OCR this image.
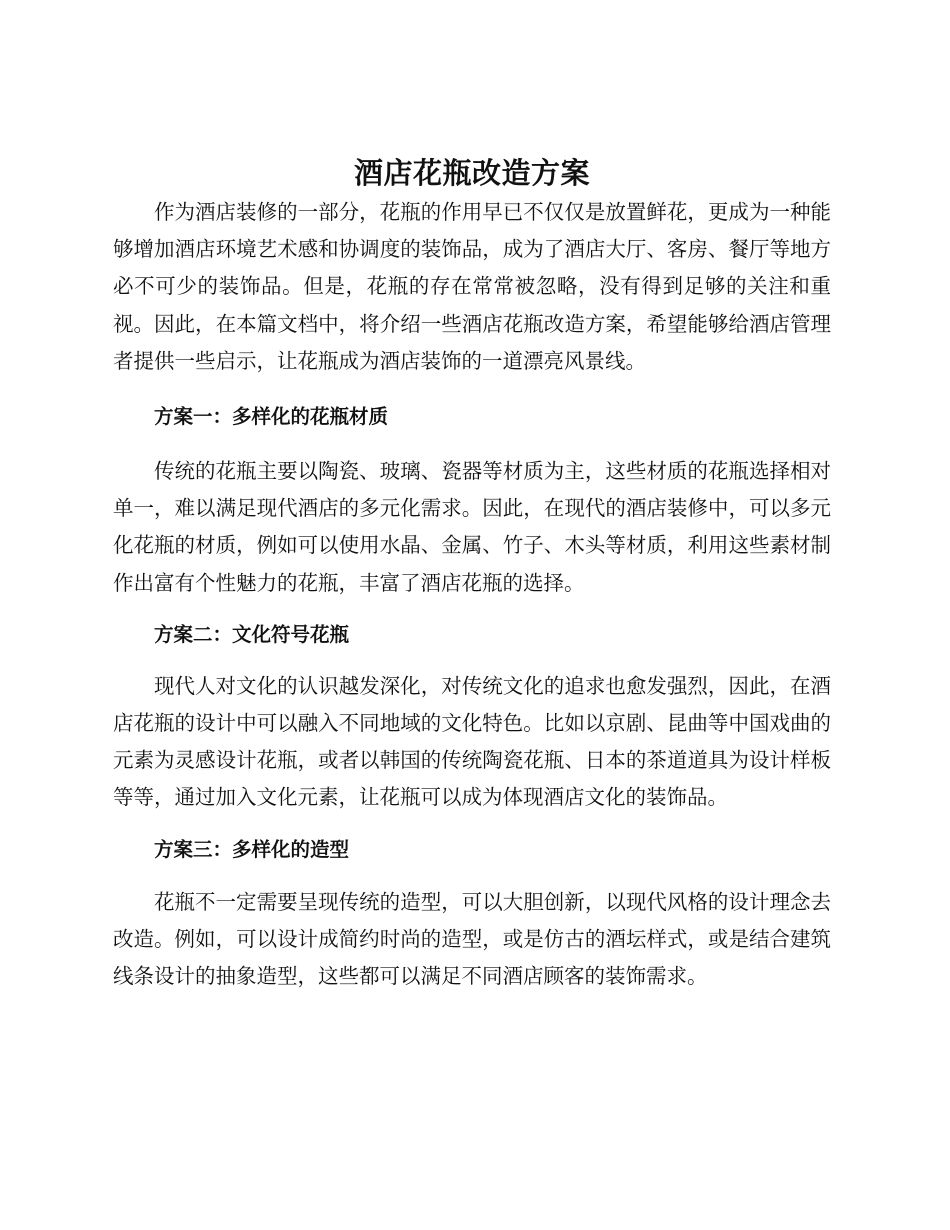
酒店花瓶改造方案

作为酒店装修的一部分，花瓶的作用早已不仅仅是放置鲜花，更成为一种能够增加酒店环境艺术感和协调度的装饰品，成为了酒店大厅、客房、餐厅等地方必不可少的装饰品。但是，花瓶的存在常常被忽略，没有得到足够的关注和重视。因此，在本篇文档中，将介绍一些酒店花瓶改造方案，希望能够给酒店管理者提供一些启示，让花瓶成为酒店装饰的一道漂亮风景线。

方案一：多样化的花瓶材质

传统的花瓶主要以陶瓷、玻璃、瓷器等材质为主，这些材质的花瓶选择相对单一，难以满足现代酒店的多元化需求。因此，在现代的酒店装修中，可以多元化花瓶的材质，例如可以使用水晶、金属、竹子、木头等材质，利用这些素材制作出富有个性魅力的花瓶，丰富了酒店花瓶的选择。

方案二：文化符号花瓶

现代人对文化的认识越发深化，对传统文化的追求也愈发强烈，因此，在酒店花瓶的设计中可以融入不同地域的文化特色。比如以京剧、昆曲等中国戏曲的元素为灵感设计花瓶，或者以韩国的传统陶瓷花瓶、日本的茶道道具为设计样板等等，通过加入文化元素，让花瓶可以成为体现酒店文化的装饰品。

方案三：多样化的造型

花瓶不一定需要呈现传统的造型，可以大胆创新，以现代风格的设计理念去改造。例如，可以设计成简约时尚的造型，或是仿古的酒坛样式，或是结合建筑线条设计的抽象造型，这些都可以满足不同酒店顾客的装饰需求。
